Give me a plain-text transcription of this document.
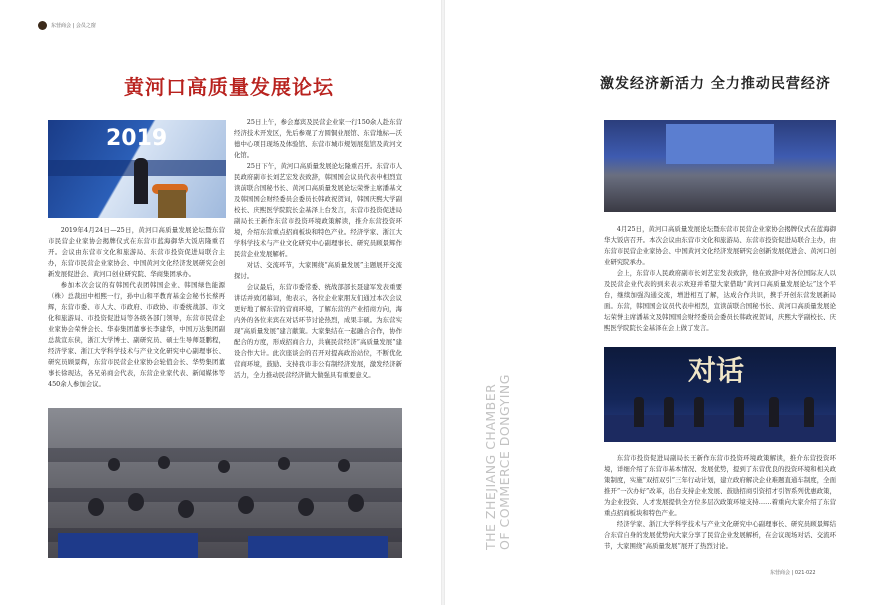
东营商会 | 会员之窗
黄河口高质量发展论坛	激发经济新活力 全力推动民营经济
2019
对话

2019年4月24日—25日，黄河口高质量发展论坛暨东营市民营企业家协会揭牌仪式在东营市蓝海御华大饭店隆重召开。会议由东营市文化和旅游局、东营市投资促进局联合主办，东营市民营企业家协会、中国黄河文化经济发展研究会创新发展促进会、黄河口创业研究院、华商集团承办。

参加本次会议的有韩国代表团韩国企业、韩国绿色能源（株）总裁田中相熙一行，孙中山和平教育基金会秘书长蔡再辉，东营市委、市人大、市政府、市政协、市委统战部、市文化和旅游局、市投资促进局等各级各部门领导，东营市民营企业家协会荣誉会长、华泰集团董事长李建华，中国万达集团副总裁宣东侠，浙江大学博士、副研究员、硕士生导师聂鹏程，经济学家、浙江大学科学技术与产业文化研究中心副理事长、研究员顾景辉，东营市民营企业家协会轮值会长、华势集团董事长徐现达，各兄弟商会代表，东营企业家代表、新闻媒体等450余人参加会议。

25日上午，参会嘉宾及民营企业家一行150余人赴东营经济技术开发区，先后参观了方圆铜业展馆、东营地标—沃德中心项目现场及体验馆、东营市城市规划展览馆及黄河文化馆。

25日下午，黄河口高质量发展论坛隆重召开。东营市人民政府副市长刘艺宏发表致辞，韩国国会议员代表申相烈宣读前联合国秘书长、黄河口高质量发展论坛荣誉主席潘基文及韩国国会财经委员会委员长韩政祝贺词，韩国庆熙大学副校长、庆熙医学院院长金基泽上台发言，东营市投资促进局副局长王新作东营市投资环境政策解读，推介东营投资环境，介绍东营重点招商板块和特色产业。经济学家、浙江大学科学技术与产业文化研究中心副理事长、研究员顾景辉作民营企业发展解析。

对话、交流环节，大家围绕“高质量发展”主题展开交流探讨。

会议最后，东营市委常委、统战部部长聂建军发表重要讲话并致闭幕词，他表示，各位企业家朋友们通过本次会议更好地了解东营的营商环境，了解东营的产业招商方向，海内外的各位来宾在对话环节讨论热烈，成果丰硕。为东营实现“高质量发展”建言献策。大家集结在一起融合合作，协作配合的方度，形成招商合力，共襄民营经济“高质量发展”建设合作大计。此次座谈会的召开对提高政治站位，不断优化营商环境，鼓励、支持我市非公有制经济发展，激发经济新活力，全力推动民营经济做大做强具有重要意义。

4月25日，黄河口高质量发展论坛暨东营市民营企业家协会揭牌仪式在蓝海御华大饭店召开。本次会议由东营市文化和旅游局、东营市投资促进局联合主办，由东营市民营企业家协会、中国黄河文化经济发展研究会创新发展促进会、黄河口创业研究院承办。

会上，东营市人民政府副市长刘艺宏发表致辞，他在致辞中对各位国际友人以及民营企业代表的到来表示欢迎并希望大家借助“黄河口高质量发展论坛”这个平台，继续加强沟通交流，增进相互了解，达成合作共识，携手开创东营发展新局面。东营，韩国国会议员代表申相烈，宣读前联合国秘书长、黄河口高质量发展论坛荣誉主席潘基文及韩国国会财经委员会委员长韩政祝贺词，庆熙大学副校长、庆熙医学院院长金基泽在会上做了发言。

东营市投资促进局副局长王新作东营市投资环境政策解读，推介东营投资环境，详细介绍了东营市基本情况、发展优势，提到了东营优良的投资环境和相关政策制度，实施“双招双引”三年行动计划，建立政府解决企业难题直通车制度，全面推开“一次办好”改革，出台支持企业发展、鼓励招商引资招才引智系列优惠政策，为企业投资、人才发展提供全方位多层次政策环境支持……着重向大家介绍了东营重点招商板块和特色产业。

经济学家、浙江大学科学技术与产业文化研究中心副理事长、研究员顾景辉结合东营自身的发展优势向大家分享了民营企业发展解析，在会议现场对话、交流环节，大家围绕“高质量发展”展开了热烈讨论。

THE ZHEJIANG CHAMBER OF COMMERCE DONGYING
东营商会 | 021·022
